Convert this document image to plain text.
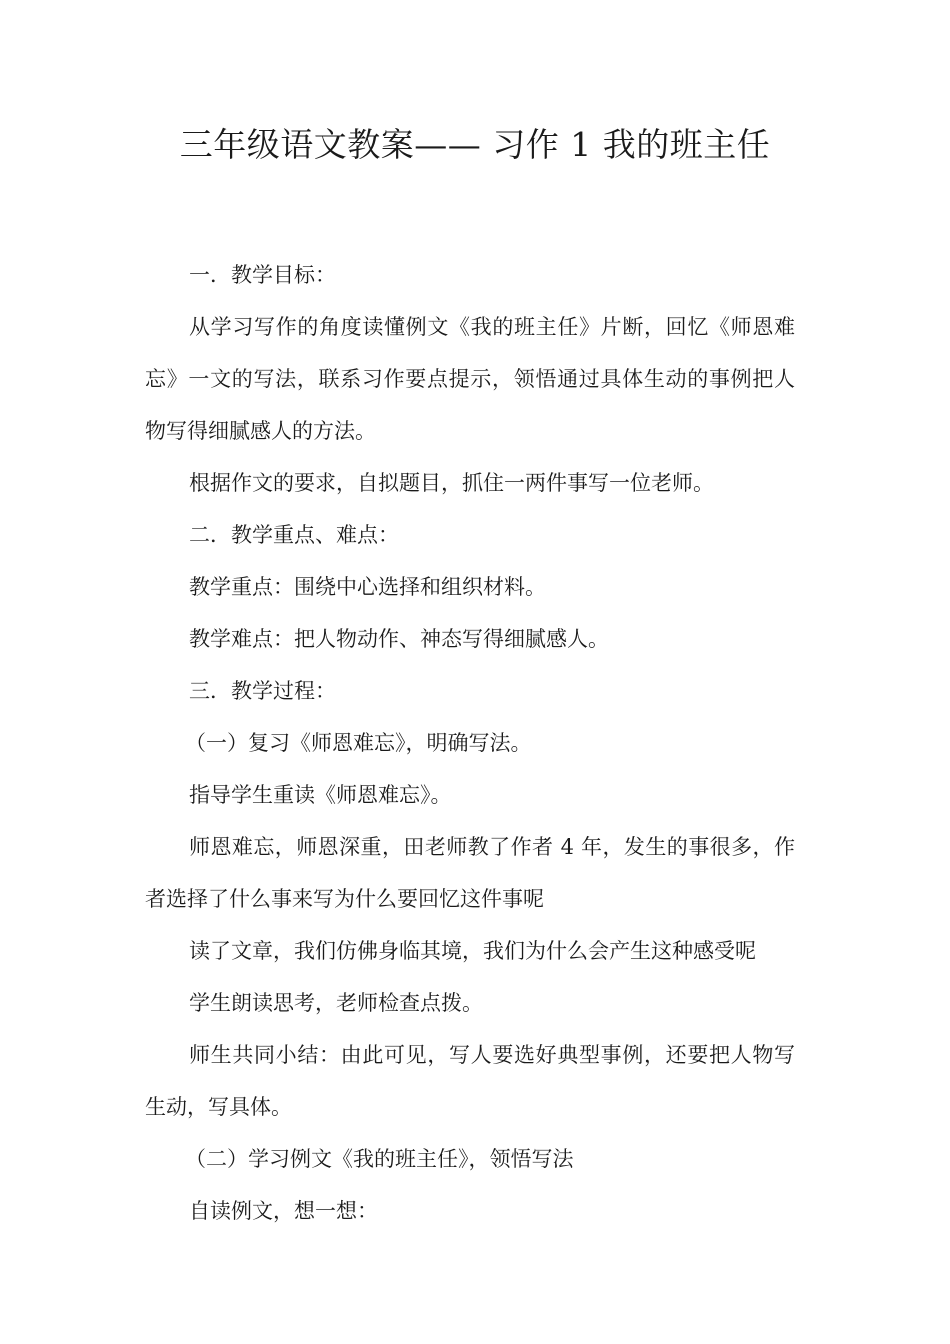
三年级语文教案—— 习作 1 我的班主任

一．教学目标：

从学习写作的角度读懂例文《我的班主任》片断，回忆《师恩难忘》一文的写法，联系习作要点提示，领悟通过具体生动的事例把人物写得细腻感人的方法。

根据作文的要求，自拟题目，抓住一两件事写一位老师。

二．教学重点、难点：

教学重点：围绕中心选择和组织材料。

教学难点：把人物动作、神态写得细腻感人。

三．教学过程：

（一）复习《师恩难忘》，明确写法。

指导学生重读《师恩难忘》。

师恩难忘，师恩深重，田老师教了作者 4 年，发生的事很多，作者选择了什么事来写为什么要回忆这件事呢

读了文章，我们仿佛身临其境，我们为什么会产生这种感受呢

学生朗读思考，老师检查点拨。

师生共同小结：由此可见，写人要选好典型事例，还要把人物写生动，写具体。

（二）学习例文《我的班主任》，领悟写法

自读例文，想一想：
